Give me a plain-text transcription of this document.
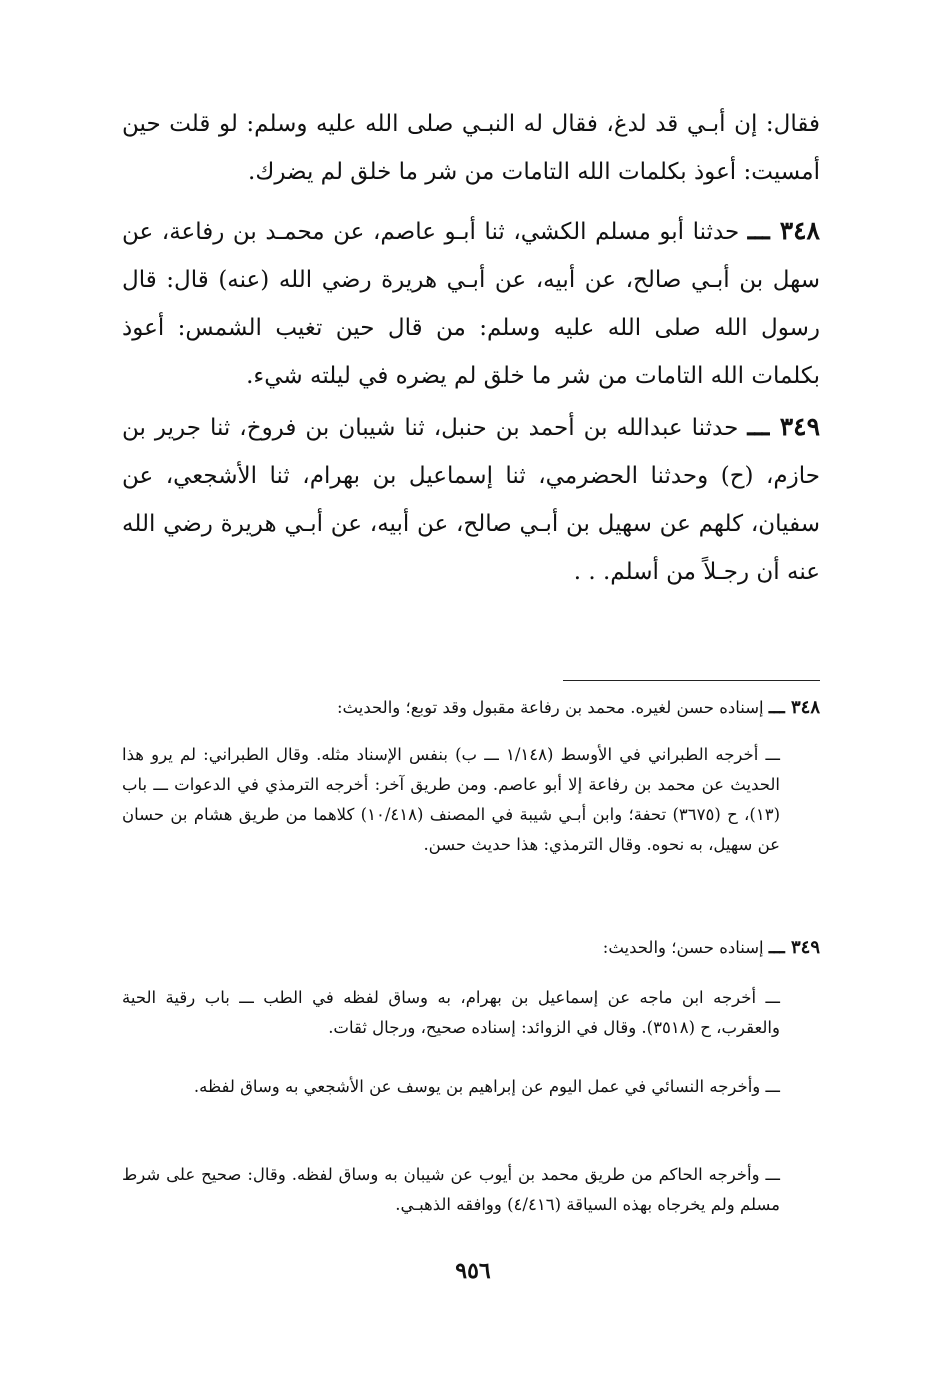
فقال: إن أبـي قد لدغ، فقال له النبـي صلى الله عليه وسلم: لو قلت حين أمسيت: أعوذ بكلمات الله التامات من شر ما خلق لم يضرك.

٣٤٨ ـــ حدثنا أبو مسلم الكشي، ثنا أبـو عاصم، عن محمـد بن رفاعة، عن سهل بن أبـي صالح، عن أبيه، عن أبـي هريرة رضي الله (عنه) قال: قال رسول الله صلى الله عليه وسلم: من قال حين تغيب الشمس: أعوذ بكلمات الله التامات من شر ما خلق لم يضره في ليلته شيء.

٣٤٩ ـــ حدثنا عبدالله بن أحمد بن حنبل، ثنا شيبان بن فروخ، ثنا جرير بن حازم، (ح) وحدثنا الحضرمي، ثنا إسماعيل بن بهرام، ثنا الأشجعي، عن سفيان، كلهم عن سهيل بن أبـي صالح، عن أبيه، عن أبـي هريرة رضي الله عنه أن رجـلاً من أسلم. . .

٣٤٨ ـــ إسناده حسن لغيره. محمد بن رفاعة مقبول وقد توبع؛ والحديث:

ـــ أخرجه الطبراني في الأوسط (١/١٤٨ ـــ ب) بنفس الإسناد مثله. وقال الطبراني: لم يرو هذا الحديث عن محمد بن رفاعة إلا أبو عاصم. ومن طريق آخر: أخرجه الترمذي في الدعوات ـــ باب (١٣)، ح (٣٦٧٥) تحفة؛ وابن أبـي شيبة في المصنف (١٠/٤١٨) كلاهما من طريق هشام بن حسان عن سهيل، به نحوه. وقال الترمذي: هذا حديث حسن.

٣٤٩ ـــ إسناده حسن؛ والحديث:

ـــ أخرجه ابن ماجه عن إسماعيل بن بهرام، به وساق لفظه في الطب ـــ باب رقية الحية والعقرب، ح (٣٥١٨). وقال في الزوائد: إسناده صحيح، ورجال ثقات.

ـــ وأخرجه النسائي في عمل اليوم عن إبراهيم بن يوسف عن الأشجعي به وساق لفظه.

ـــ وأخرجه الحاكم من طريق محمد بن أيوب عن شيبان به وساق لفظه. وقال: صحيح على شرط مسلم ولم يخرجاه بهذه السياقة (٤/٤١٦) ووافقه الذهبـي.

٩٥٦
